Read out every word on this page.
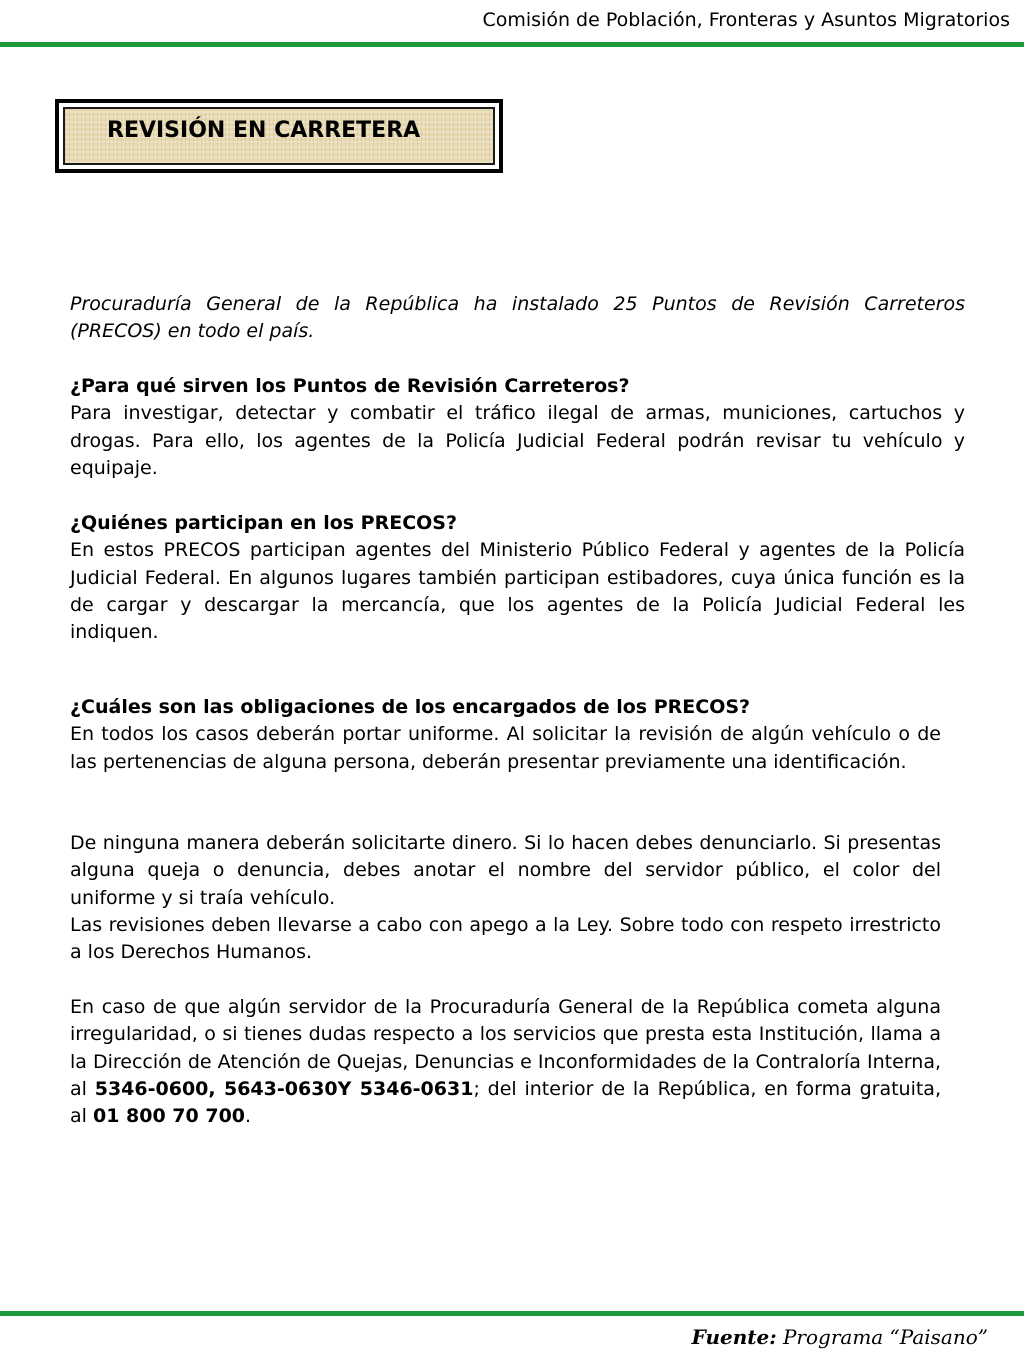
Comisión de Población, Fronteras y Asuntos Migratorios
REVISIÓN EN CARRETERA

Procuraduría General de la República ha instalado 25 Puntos de Revisión Carreteros (PRECOS) en todo el país.

¿Para qué sirven los Puntos de Revisión Carreteros?
Para investigar, detectar y combatir el tráfico ilegal de armas, municiones, cartuchos y drogas. Para ello, los agentes de la Policía Judicial Federal podrán revisar tu vehículo y equipaje.
¿Quiénes participan en los PRECOS?
En estos PRECOS participan agentes del Ministerio Público Federal y agentes de la Policía Judicial Federal. En algunos lugares también participan estibadores, cuya única función es la de cargar y descargar la mercancía, que los agentes de la Policía Judicial Federal les indiquen.
¿Cuáles son las obligaciones de los encargados de los PRECOS?
En todos los casos deberán portar uniforme. Al solicitar la revisión de algún vehículo o de las pertenencias de alguna persona, deberán presentar previamente una identificación.

De ninguna manera deberán solicitarte dinero. Si lo hacen debes denunciarlo. Si presentas alguna queja o denuncia, debes anotar el nombre del servidor público, el color del uniforme y si traía vehículo.

Las revisiones deben llevarse a cabo con apego a la Ley. Sobre todo con respeto irrestricto a los Derechos Humanos.

En caso de que algún servidor de la Procuraduría General de la República cometa alguna irregularidad, o si tienes dudas respecto a los servicios que presta esta Institución, llama a la Dirección de Atención de Quejas, Denuncias e Inconformidades de la Contraloría Interna, al 5346-0600, 5643-0630Y 5346-0631; del interior de la República, en forma gratuita, al 01 800 70 700.

Fuente: Programa “Paisano”
